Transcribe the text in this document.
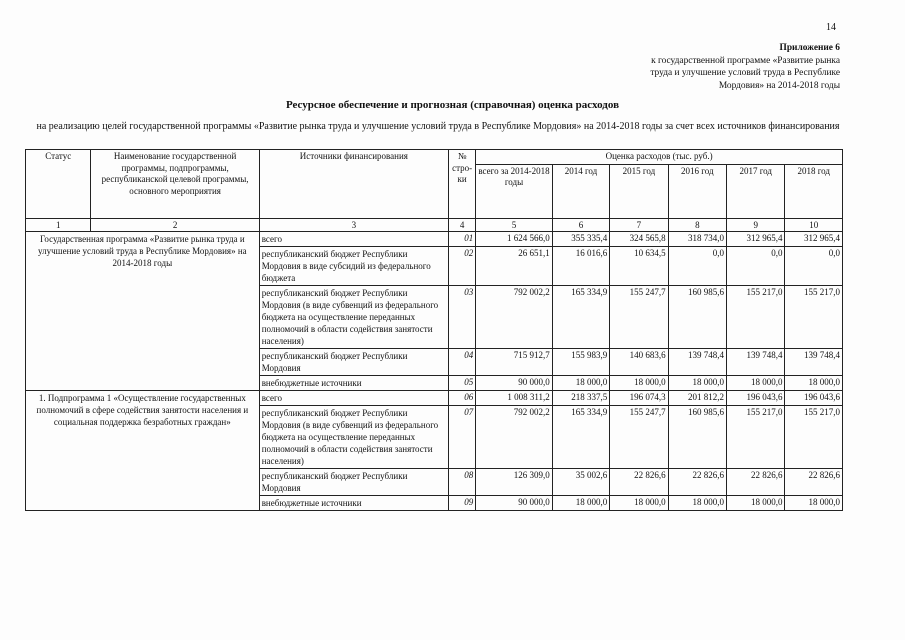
14
Приложение 6
к государственной программе «Развитие рынка
труда и улучшение условий труда в Республике
Мордовия» на 2014-2018 годы
Ресурсное обеспечение и прогнозная (справочная) оценка расходов
на реализацию целей государственной программы «Развитие рынка труда и улучшение условий труда в Республике Мордовия» на 2014-2018 годы за счет всех источников финансирования
Статус	Наименование государственной программы, подпрограммы, республиканской целевой программы, основного мероприятия	Источники финансирования	№ стро-ки	Оценка расходов (тыс. руб.)					
				всего за 2014-2018 годы	2014 год	2015 год	2016 год	2017 год	2018 год
1	2	3	4	5	6	7	8	9	10
Государственная программа «Развитие рынка труда и улучшение условий труда в Республике Мордовия» на 2014-2018 годы		всего	01	1 624 566,0	355 335,4	324 565,8	318 734,0	312 965,4	312 965,4
		республиканский бюджет Республики Мордовия в виде субсидий из федерального бюджета	02	26 651,1	16 016,6	10 634,5	0,0	0,0	0,0
		республиканский бюджет Республики Мордовия (в виде субвенций из федерального бюджета на осуществление переданных полномочий в области содействия занятости населения)	03	792 002,2	165 334,9	155 247,7	160 985,6	155 217,0	155 217,0
		республиканский бюджет Республики Мордовия	04	715 912,7	155 983,9	140 683,6	139 748,4	139 748,4	139 748,4
		внебюджетные источники	05	90 000,0	18 000,0	18 000,0	18 000,0	18 000,0	18 000,0
1. Подпрограмма 1 «Осуществление государственных полномочий в сфере содействия занятости населения и социальная поддержка безработных граждан»		всего	06	1 008 311,2	218 337,5	196 074,3	201 812,2	196 043,6	196 043,6
		республиканский бюджет Республики Мордовия (в виде субвенций из федерального бюджета на осуществление переданных полномочий в области содействия занятости населения)	07	792 002,2	165 334,9	155 247,7	160 985,6	155 217,0	155 217,0
		республиканский бюджет Республики Мордовия	08	126 309,0	35 002,6	22 826,6	22 826,6	22 826,6	22 826,6
		внебюджетные источники	09	90 000,0	18 000,0	18 000,0	18 000,0	18 000,0	18 000,0
